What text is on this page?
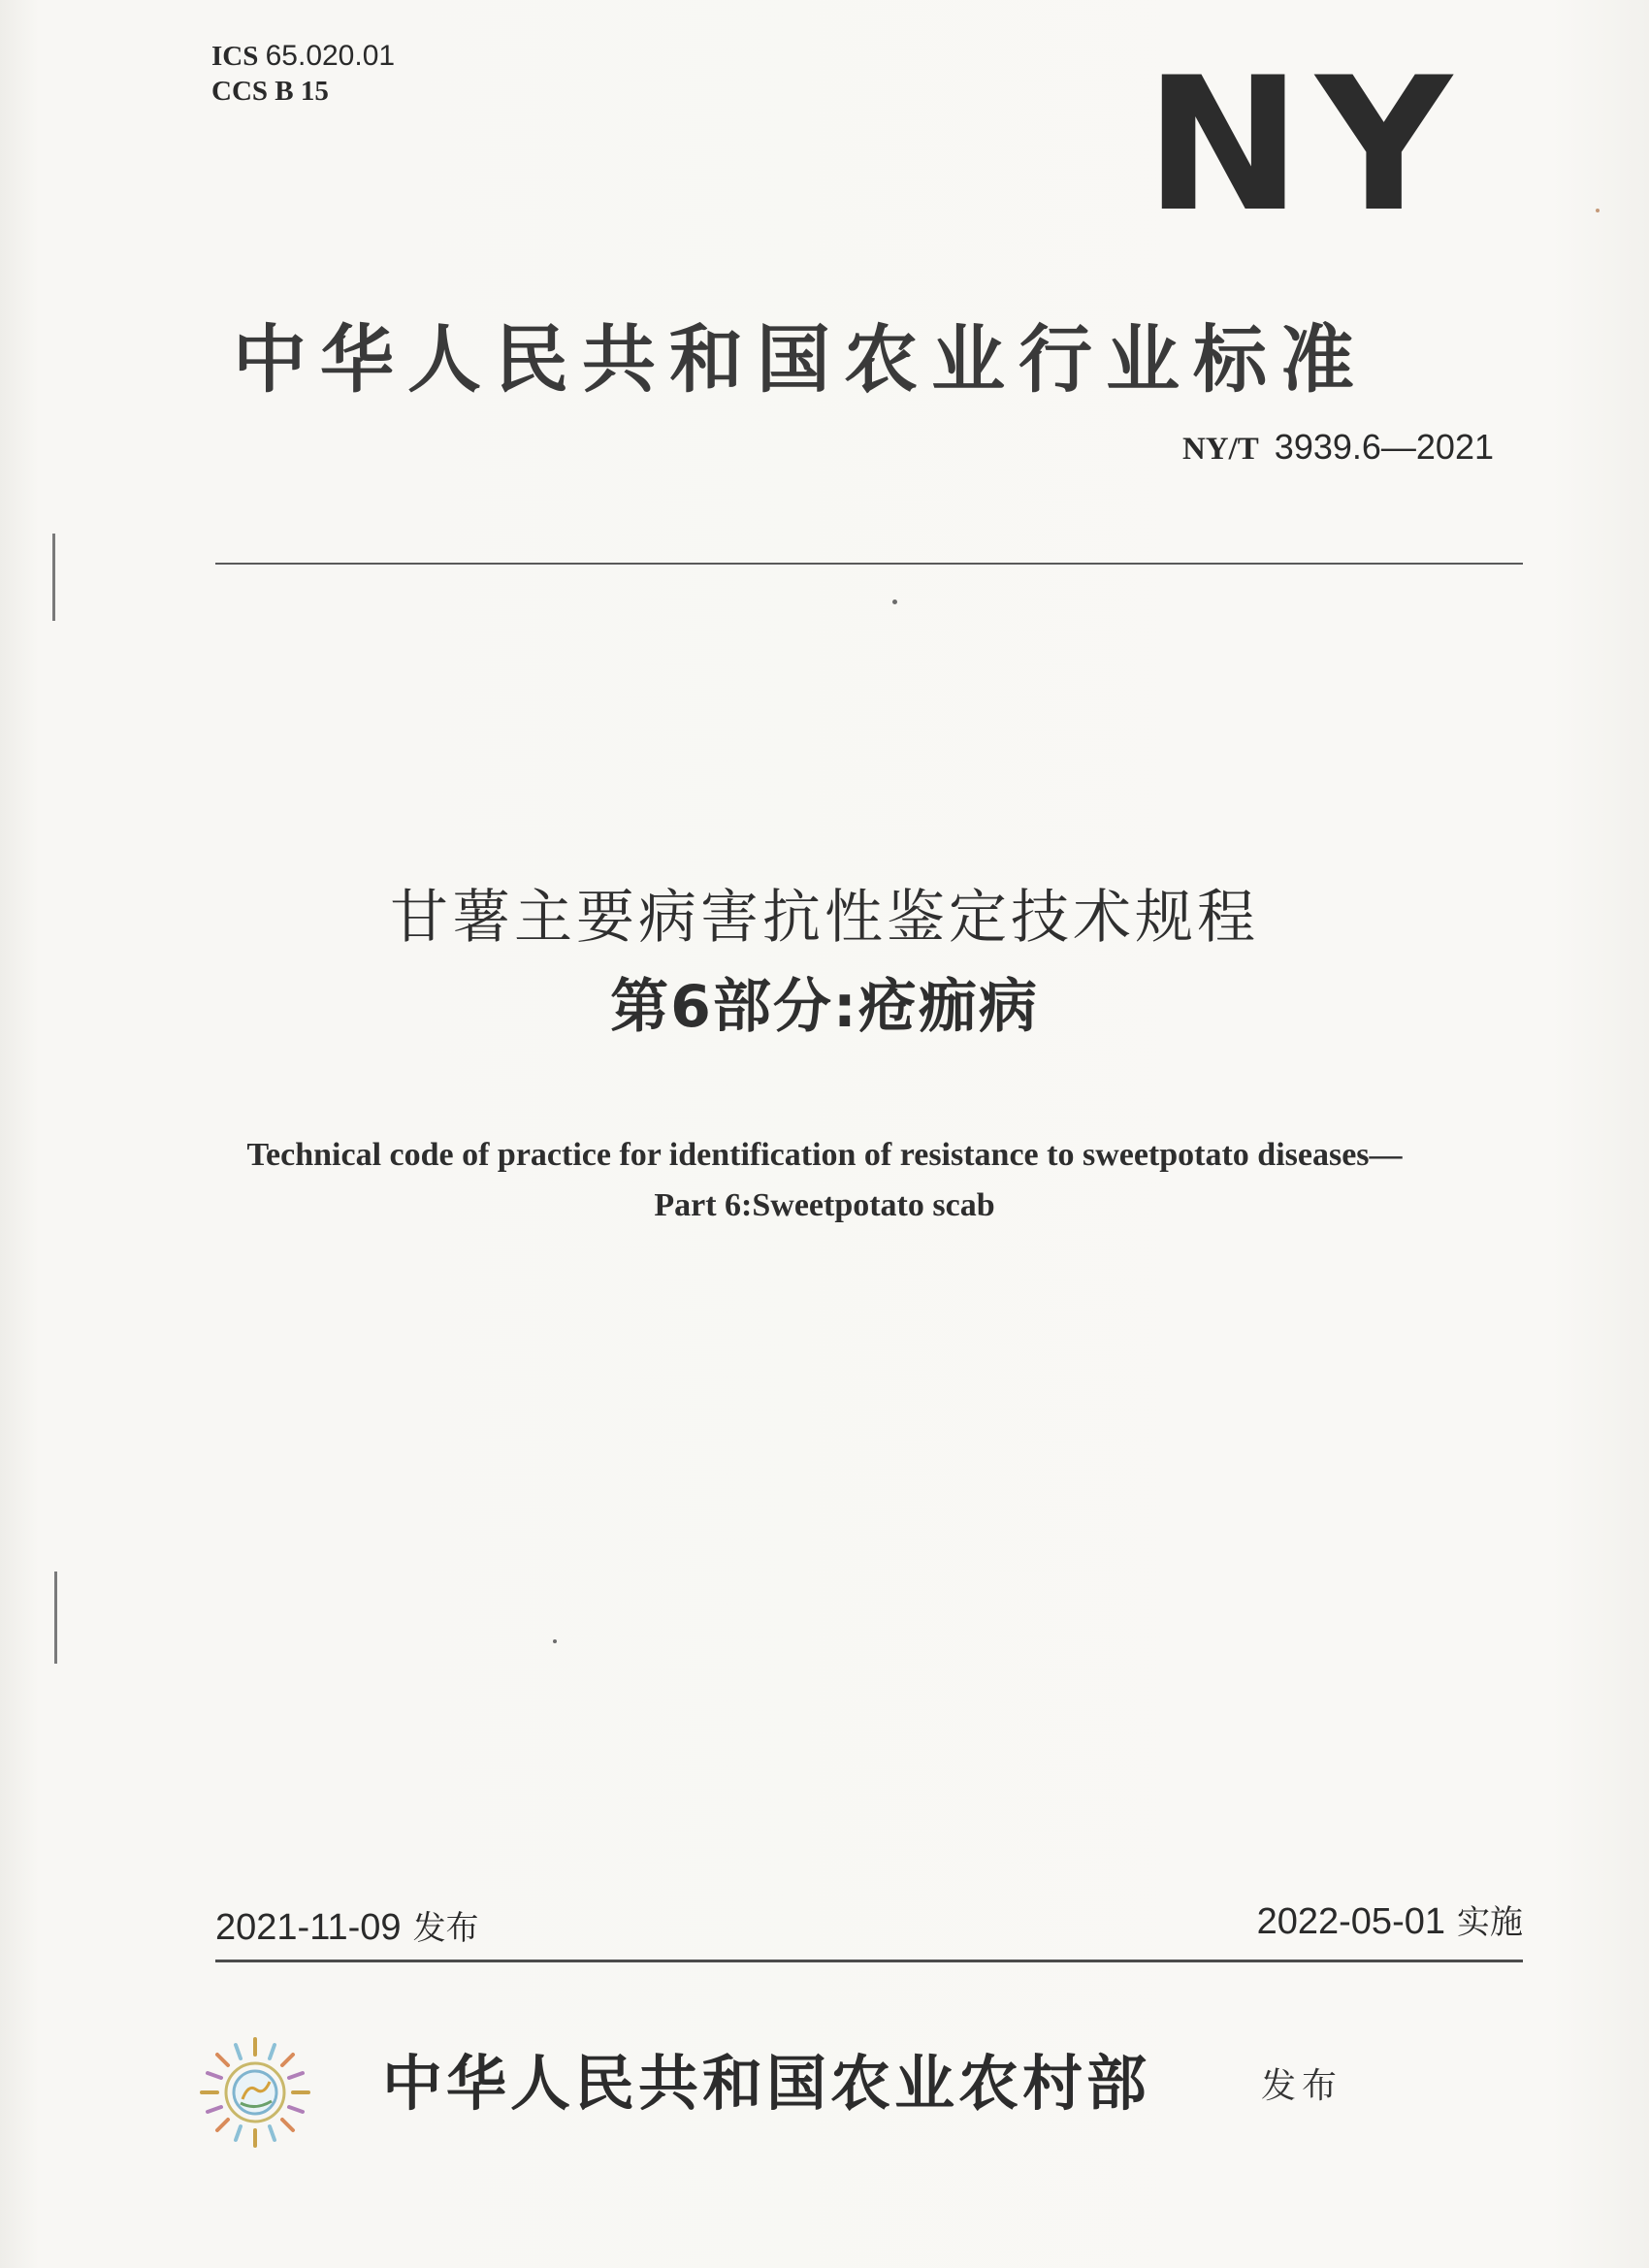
ICS 65.020.01
CCS B 15	NY
中华人民共和国农业行业标准
NY/T 3939.6—2021
甘薯主要病害抗性鉴定技术规程
第6部分:疮痂病
Technical code of practice for identification of resistance to sweetpotato diseases—
Part 6:Sweetpotato scab
2021-11-09 发布	2022-05-01 实施
中华人民共和国农业农村部	发布
